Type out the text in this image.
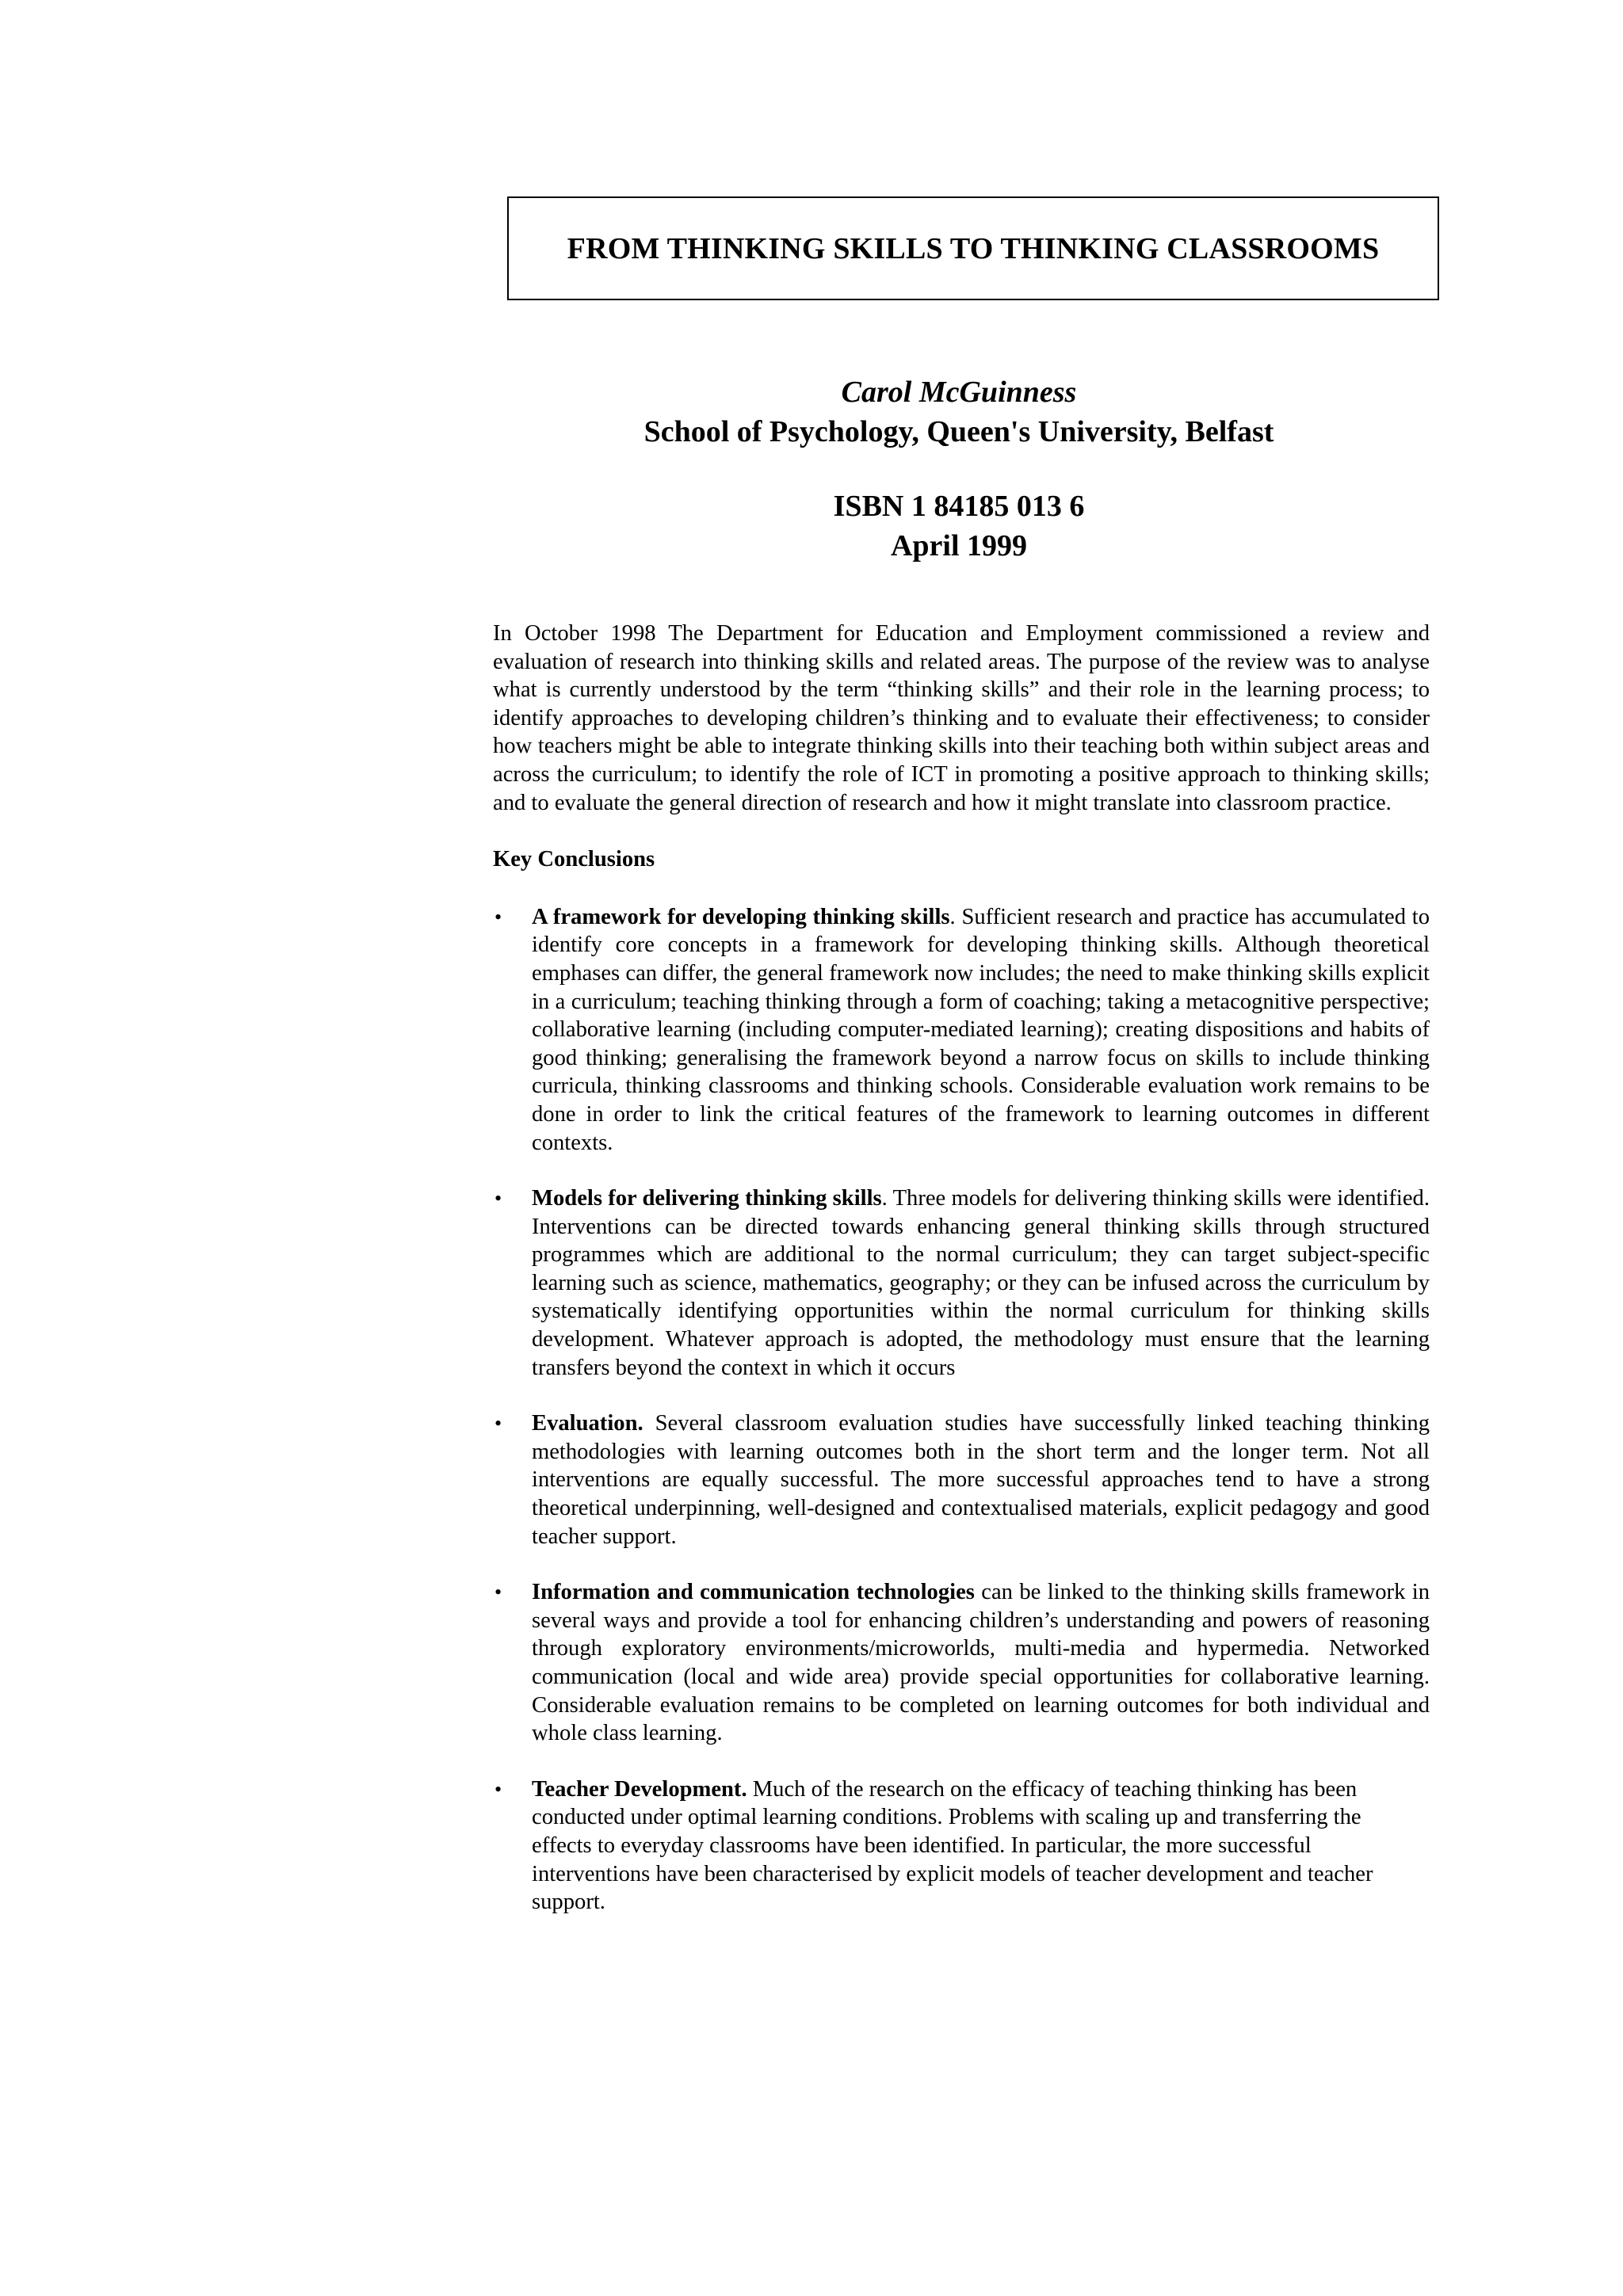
FROM THINKING SKILLS TO THINKING CLASSROOMS
Carol McGuinness
School of Psychology, Queen's University, Belfast
ISBN 1 84185 013 6
April 1999

In October 1998 The Department for Education and Employment commissioned a review and evaluation of research into thinking skills and related areas. The purpose of the review was to analyse what is currently understood by the term “thinking skills” and their role in the learning process; to identify approaches to developing children’s thinking and to evaluate their effectiveness; to consider how teachers might be able to integrate thinking skills into their teaching both within subject areas and across the curriculum; to identify the role of ICT in promoting a positive approach to thinking skills; and to evaluate the general direction of research and how it might translate into classroom practice.

Key Conclusions

• A framework for developing thinking skills. Sufficient research and practice has accumulated to identify core concepts in a framework for developing thinking skills. Although theoretical emphases can differ, the general framework now includes; the need to make thinking skills explicit in a curriculum; teaching thinking through a form of coaching; taking a metacognitive perspective; collaborative learning (including computer-mediated learning); creating dispositions and habits of good thinking; generalising the framework beyond a narrow focus on skills to include thinking curricula, thinking classrooms and thinking schools. Considerable evaluation work remains to be done in order to link the critical features of the framework to learning outcomes in different contexts.
• Models for delivering thinking skills. Three models for delivering thinking skills were identified. Interventions can be directed towards enhancing general thinking skills through structured programmes which are additional to the normal curriculum; they can target subject-specific learning such as science, mathematics, geography; or they can be infused across the curriculum by systematically identifying opportunities within the normal curriculum for thinking skills development. Whatever approach is adopted, the methodology must ensure that the learning transfers beyond the context in which it occurs
• Evaluation. Several classroom evaluation studies have successfully linked teaching thinking methodologies with learning outcomes both in the short term and the longer term. Not all interventions are equally successful. The more successful approaches tend to have a strong theoretical underpinning, well-designed and contextualised materials, explicit pedagogy and good teacher support.
• Information and communication technologies can be linked to the thinking skills framework in several ways and provide a tool for enhancing children’s understanding and powers of reasoning through exploratory environments/microworlds, multi-media and hypermedia. Networked communication (local and wide area) provide special opportunities for collaborative learning. Considerable evaluation remains to be completed on learning outcomes for both individual and whole class learning.
• Teacher Development. Much of the research on the efficacy of teaching thinking has been conducted under optimal learning conditions. Problems with scaling up and transferring the effects to everyday classrooms have been identified. In particular, the more successful interventions have been characterised by explicit models of teacher development and teacher support.
